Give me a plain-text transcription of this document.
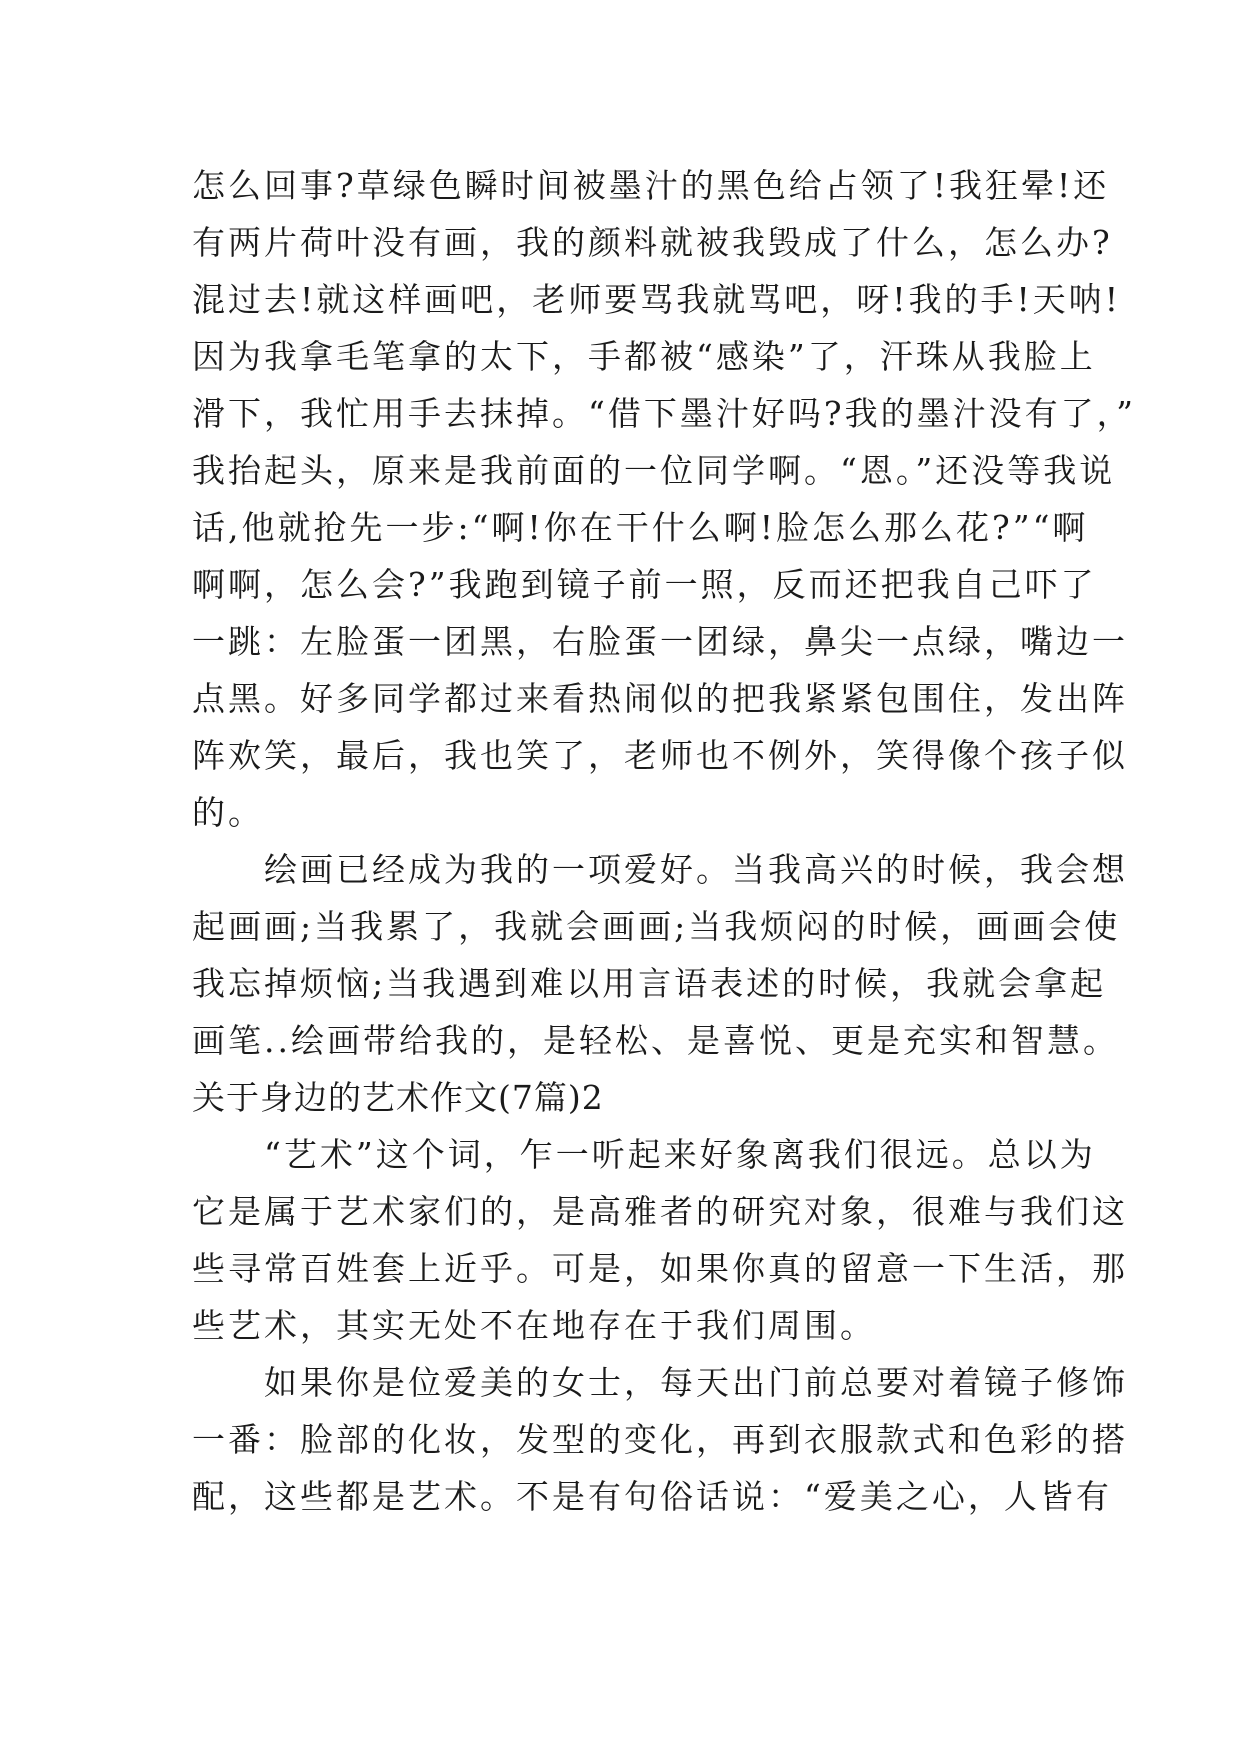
怎么回事?草绿色瞬时间被墨汁的黑色给占领了!我狂晕!还
有两片荷叶没有画，我的颜料就被我毁成了什么，怎么办?
混过去!就这样画吧，老师要骂我就骂吧，呀!我的手!天呐!
因为我拿毛笔拿的太下，手都被“感染”了，汗珠从我脸上
滑下，我忙用手去抹掉。“借下墨汁好吗?我的墨汁没有了，”
我抬起头，原来是我前面的一位同学啊。“恩。”还没等我说
话,他就抢先一步:“啊!你在干什么啊!脸怎么那么花?”“啊
啊啊，怎么会?”我跑到镜子前一照，反而还把我自己吓了
一跳：左脸蛋一团黑，右脸蛋一团绿，鼻尖一点绿，嘴边一
点黑。好多同学都过来看热闹似的把我紧紧包围住，发出阵
阵欢笑，最后，我也笑了，老师也不例外，笑得像个孩子似
的。
　　绘画已经成为我的一项爱好。当我高兴的时候，我会想
起画画;当我累了，我就会画画;当我烦闷的时候，画画会使
我忘掉烦恼;当我遇到难以用言语表述的时候，我就会拿起
画笔..绘画带给我的，是轻松、是喜悦、更是充实和智慧。
关于身边的艺术作文(7篇)2
　　“艺术”这个词，乍一听起来好象离我们很远。总以为
它是属于艺术家们的，是高雅者的研究对象，很难与我们这
些寻常百姓套上近乎。可是，如果你真的留意一下生活，那
些艺术，其实无处不在地存在于我们周围。
　　如果你是位爱美的女士，每天出门前总要对着镜子修饰
一番：脸部的化妆，发型的变化，再到衣服款式和色彩的搭
配，这些都是艺术。不是有句俗话说：“爱美之心，人皆有
